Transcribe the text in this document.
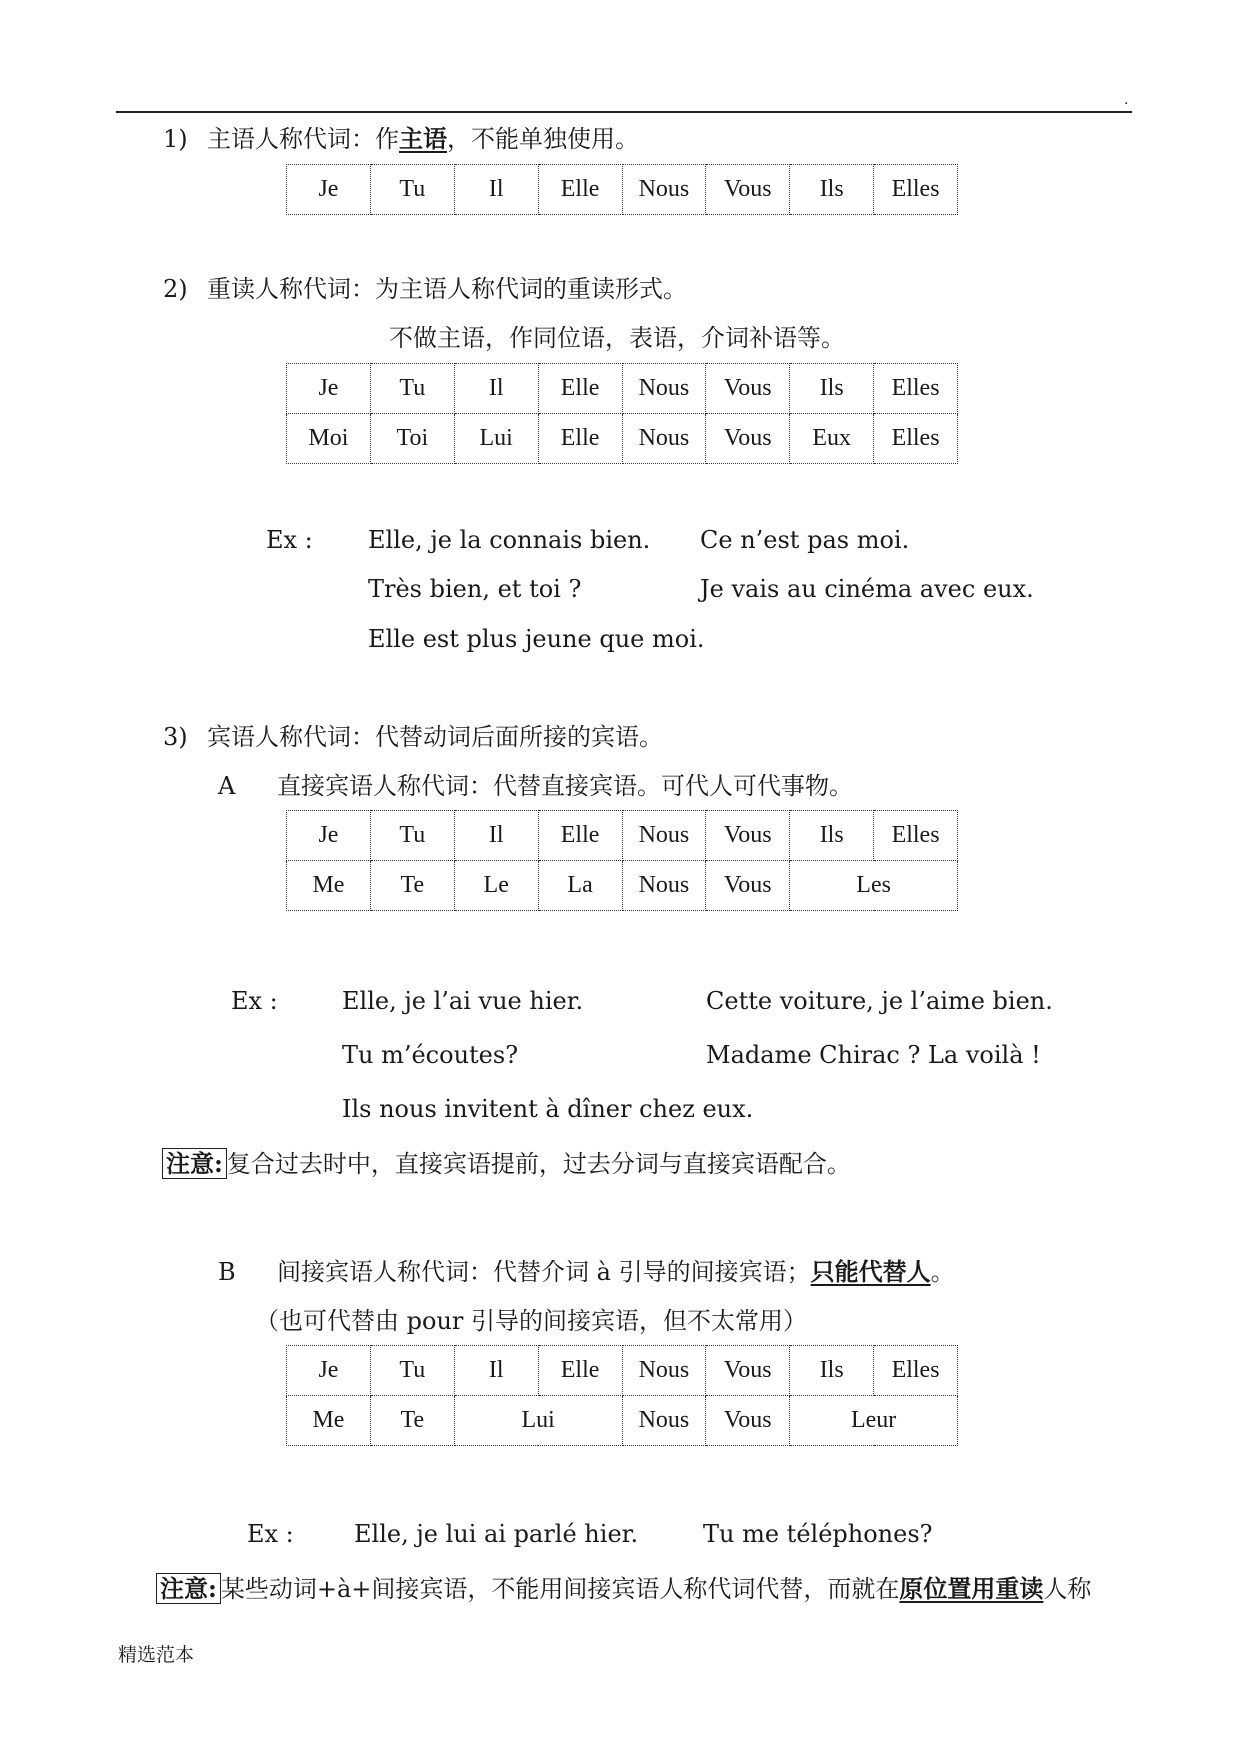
.
1) 主语人称代词：作主语，不能单独使用。
Je	Tu	Il	Elle	Nous	Vous	Ils	Elles
2) 重读人称代词：为主语人称代词的重读形式。
不做主语，作同位语，表语，介词补语等。
Je	Tu	Il	Elle	Nous	Vous	Ils	Elles
Moi	Toi	Lui	Elle	Nous	Vous	Eux	Elles
Ex : Elle, je la connais bien. Ce n’est pas moi.
Très bien, et toi ?	Je vais au cinéma avec eux.
Elle est plus jeune que moi.
3) 宾语人称代词：代替动词后面所接的宾语。
A 直接宾语人称代词：代替直接宾语。可代人可代事物。
Je	Tu	Il	Elle	Nous	Vous	Ils	Elles
Me	Te	Le	La	Nous	Vous	Les	
Ex :	Elle, je l’ai vue hier.	Cette voiture, je l’aime bien.
Tu m’écoutes?	Madame Chirac ? La voilà !
Ils nous invitent à dîner chez eux.
注意: 复合过去时中，直接宾语提前，过去分词与直接宾语配合。
B 间接宾语人称代词：代替介词 à 引导的间接宾语；只能代替人。
（也可代替由 pour 引导的间接宾语，但不太常用）
Je	Tu	Il	Elle	Nous	Vous	Ils	Elles
Me	Te	Lui		Nous	Vous	Leur	
Ex :	Elle, je lui ai parlé hier.	Tu me téléphones?
注意: 某些动词+à+间接宾语，不能用间接宾语人称代词代替，而就在原位置用重读人称
精选范本
